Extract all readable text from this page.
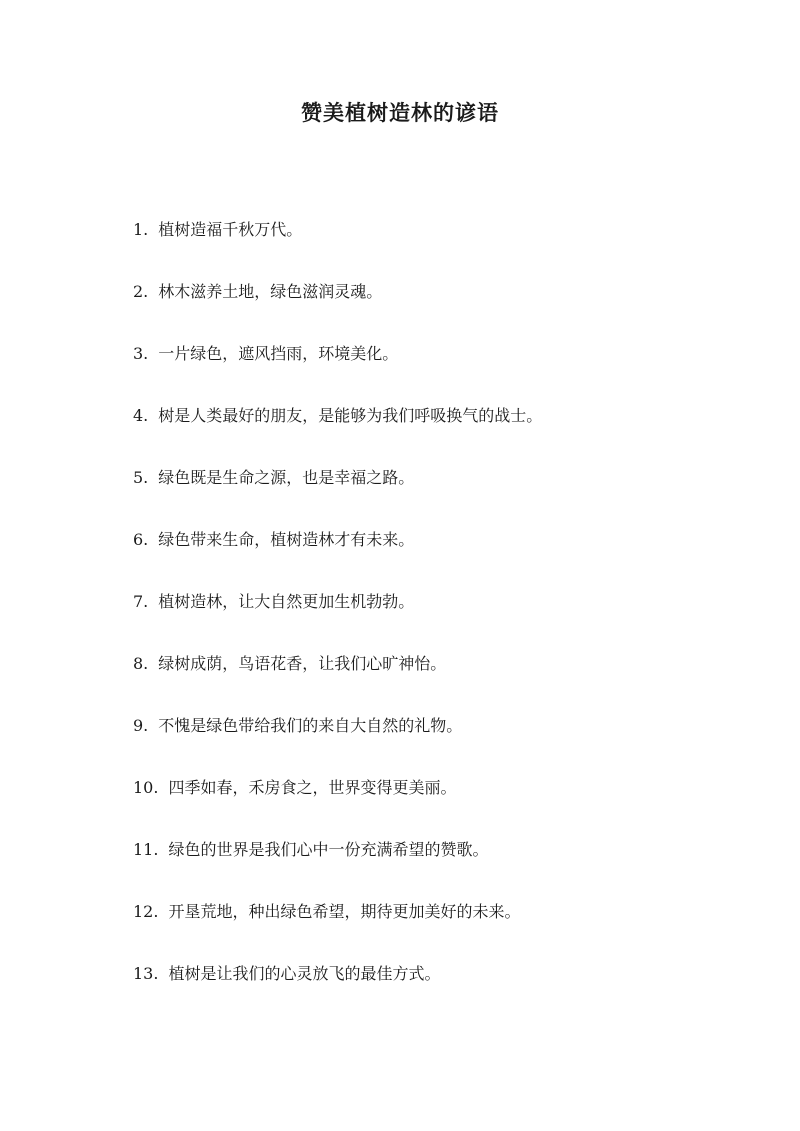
赞美植树造林的谚语
1. 植树造福千秋万代。
2. 林木滋养土地，绿色滋润灵魂。
3. 一片绿色，遮风挡雨，环境美化。
4. 树是人类最好的朋友，是能够为我们呼吸换气的战士。
5. 绿色既是生命之源，也是幸福之路。
6. 绿色带来生命，植树造林才有未来。
7. 植树造林，让大自然更加生机勃勃。
8. 绿树成荫，鸟语花香，让我们心旷神怡。
9. 不愧是绿色带给我们的来自大自然的礼物。
10. 四季如春，禾房食之，世界变得更美丽。
11. 绿色的世界是我们心中一份充满希望的赞歌。
12. 开垦荒地，种出绿色希望，期待更加美好的未来。
13. 植树是让我们的心灵放飞的最佳方式。
